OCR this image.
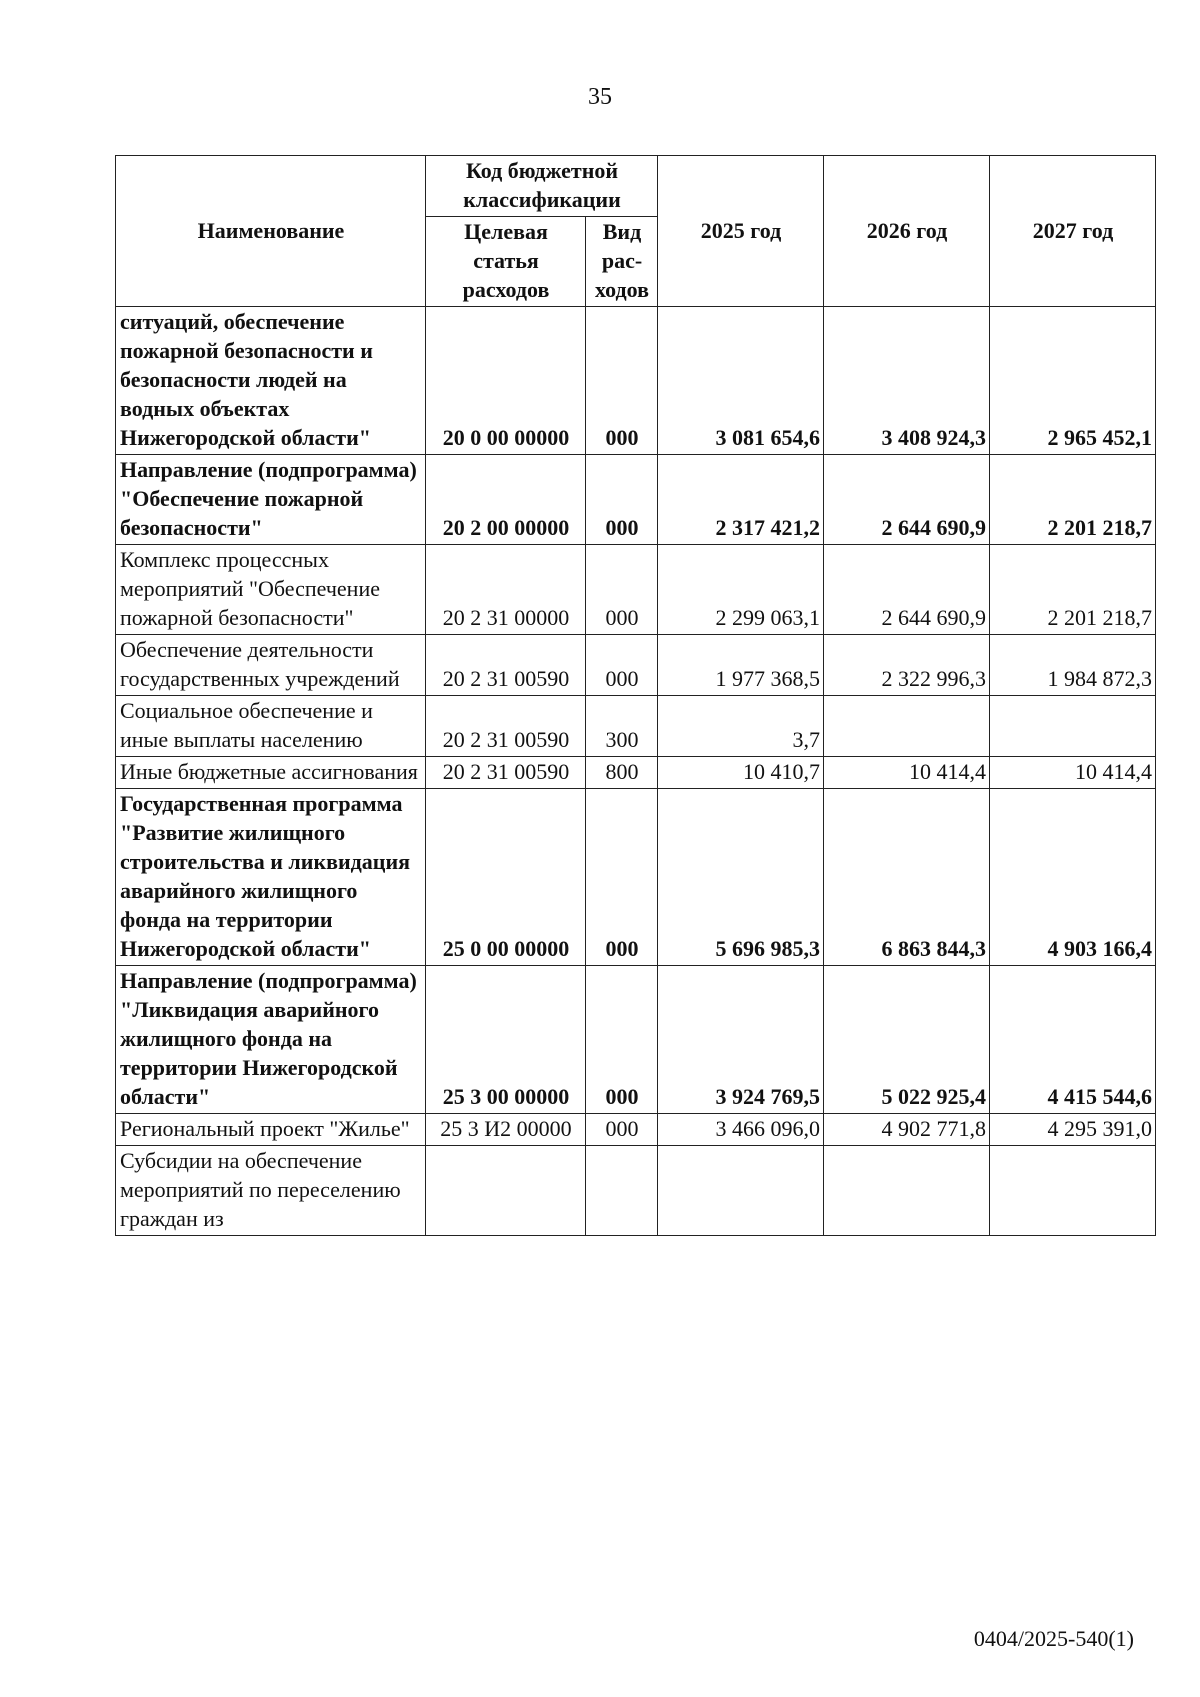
35
Наименование	Код бюджетной классификации		2025 год	2026 год	2027 год
	Целевая статья расходов	Вид рас-ходов			
ситуаций, обеспечение пожарной безопасности и безопасности людей на водных объектах Нижегородской области"	20 0 00 00000	000	3 081 654,6	3 408 924,3	2 965 452,1
Направление (подпрограмма) "Обеспечение пожарной безопасности"	20 2 00 00000	000	2 317 421,2	2 644 690,9	2 201 218,7
Комплекс процессных мероприятий "Обеспечение пожарной безопасности"	20 2 31 00000	000	2 299 063,1	2 644 690,9	2 201 218,7
Обеспечение деятельности государственных учреждений	20 2 31 00590	000	1 977 368,5	2 322 996,3	1 984 872,3
Социальное обеспечение и иные выплаты населению	20 2 31 00590	300	3,7		
Иные бюджетные ассигнования	20 2 31 00590	800	10 410,7	10 414,4	10 414,4
Государственная программа "Развитие жилищного строительства и ликвидация аварийного жилищного фонда на территории Нижегородской области"	25 0 00 00000	000	5 696 985,3	6 863 844,3	4 903 166,4
Направление (подпрограмма) "Ликвидация аварийного жилищного фонда на территории Нижегородской области"	25 3 00 00000	000	3 924 769,5	5 022 925,4	4 415 544,6
Региональный проект "Жилье"	25 3 И2 00000	000	3 466 096,0	4 902 771,8	4 295 391,0
Субсидии на обеспечение мероприятий по переселению граждан из					
0404/2025-540(1)
